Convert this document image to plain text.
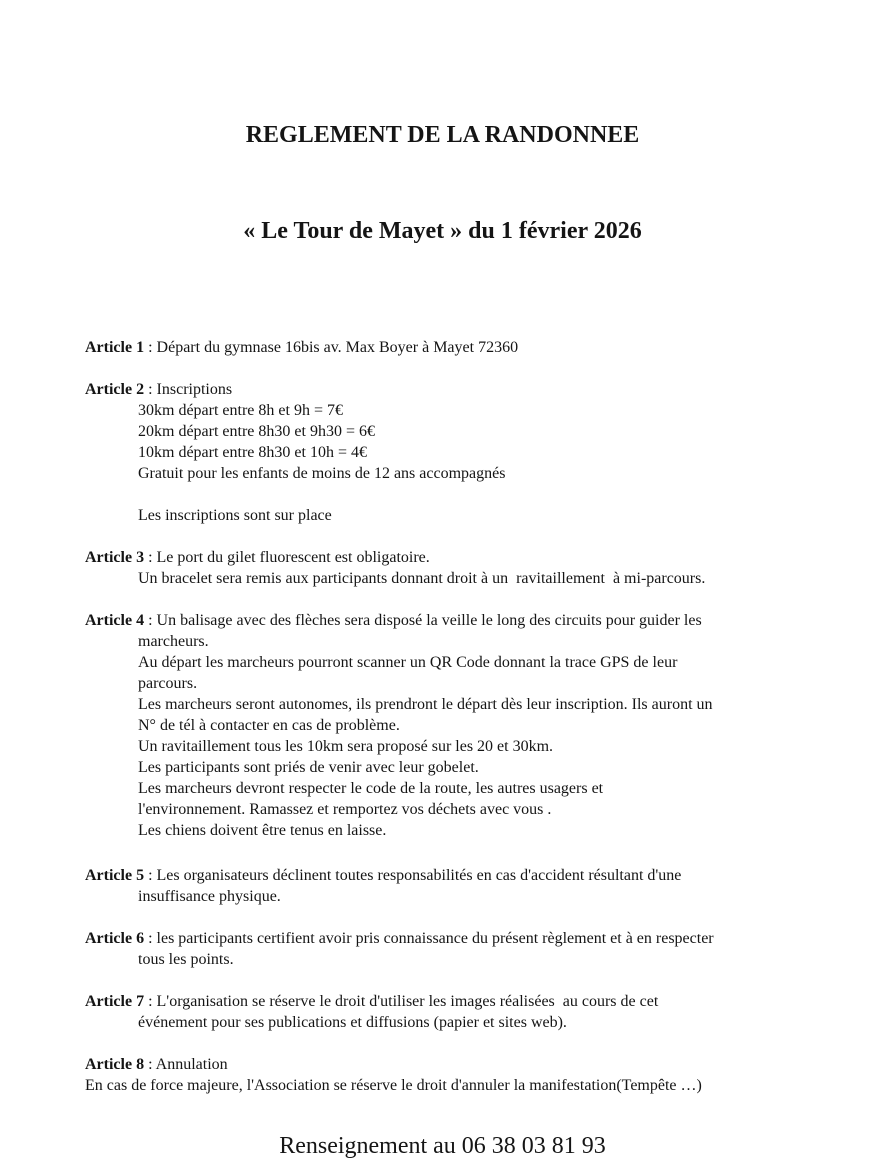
REGLEMENT DE LA RANDONNEE

« Le Tour de Mayet » du 1 février 2026

Article 1 : Départ du gymnase 16bis av. Max Boyer à Mayet 72360
Article 2 : Inscriptions
30km départ entre 8h et 9h = 7€
20km départ entre 8h30 et 9h30 = 6€
10km départ entre 8h30 et 10h = 4€
Gratuit pour les enfants de moins de 12 ans accompagnés
Les inscriptions sont sur place
Article 3 : Le port du gilet fluorescent est obligatoire.
Un bracelet sera remis aux participants donnant droit à un  ravitaillement  à mi-parcours.
Article 4 : Un balisage avec des flèches sera disposé la veille le long des circuits pour guider les
marcheurs.
Au départ les marcheurs pourront scanner un QR Code donnant la trace GPS de leur
parcours.
Les marcheurs seront autonomes, ils prendront le départ dès leur inscription. Ils auront un
N° de tél à contacter en cas de problème.
Un ravitaillement tous les 10km sera proposé sur les 20 et 30km.
Les participants sont priés de venir avec leur gobelet.
Les marcheurs devront respecter le code de la route, les autres usagers et
l'environnement. Ramassez et remportez vos déchets avec vous .
Les chiens doivent être tenus en laisse.
Article 5 : Les organisateurs déclinent toutes responsabilités en cas d'accident résultant d'une
insuffisance physique.
Article 6 : les participants certifient avoir pris connaissance du présent règlement et à en respecter
tous les points.
Article 7 : L'organisation se réserve le droit d'utiliser les images réalisées  au cours de cet
événement pour ses publications et diffusions (papier et sites web).
Article 8 : Annulation
En cas de force majeure, l'Association se réserve le droit d'annuler la manifestation(Tempête …)
Renseignement au 06 38 03 81 93
